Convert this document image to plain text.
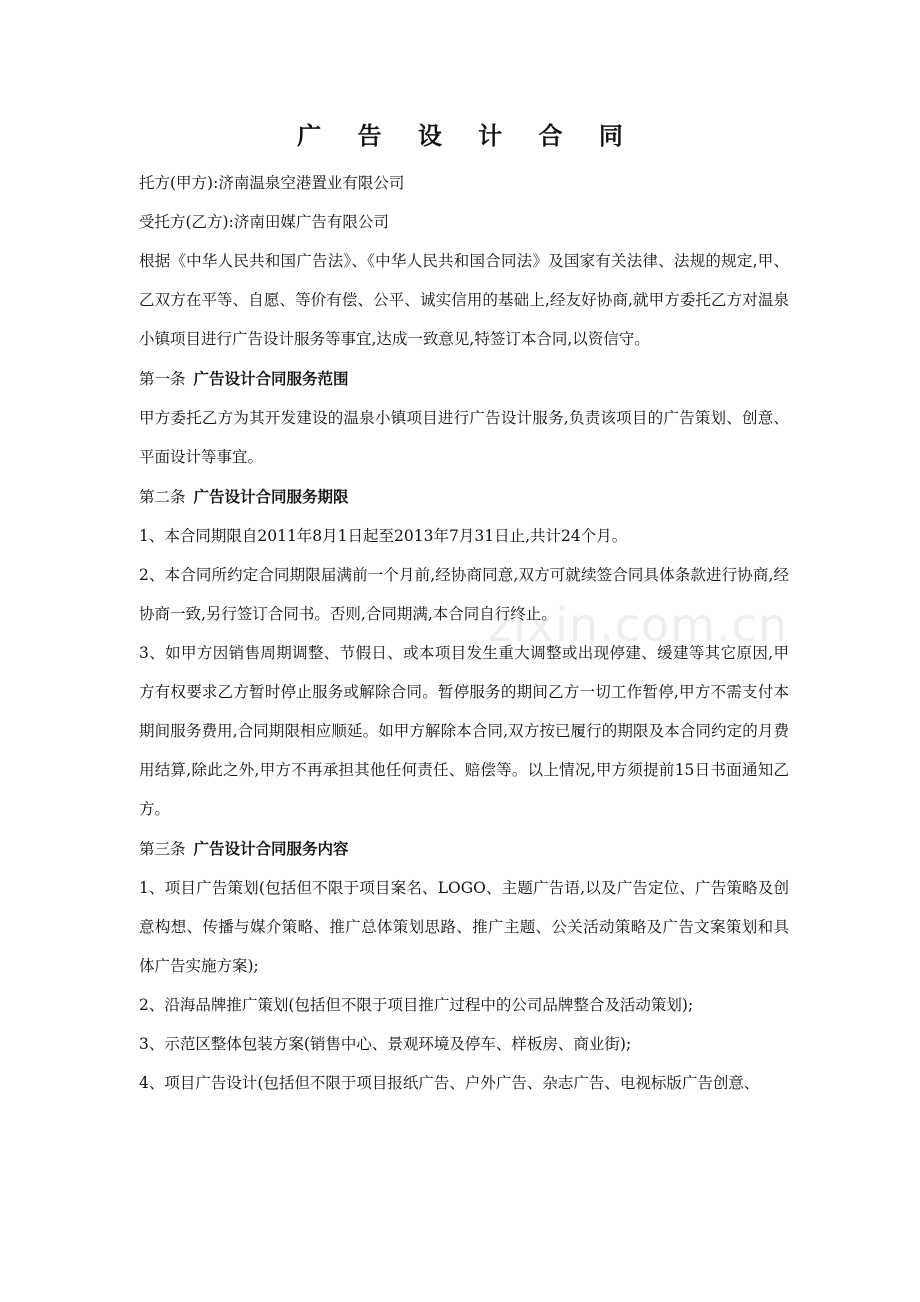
广 告 设 计 合 同

托方(甲方):济南温泉空港置业有限公司

受托方(乙方):济南田媒广告有限公司

根据《中华人民共和国广告法》、《中华人民共和国合同法》及国家有关法律、法规的规定,甲、乙双方在平等、自愿、等价有偿、公平、诚实信用的基础上,经友好协商,就甲方委托乙方对温泉小镇项目进行广告设计服务等事宜,达成一致意见,特签订本合同,以资信守。

第一条 广告设计合同服务范围

甲方委托乙方为其开发建设的温泉小镇项目进行广告设计服务,负责该项目的广告策划、创意、平面设计等事宜。

第二条 广告设计合同服务期限

1、本合同期限自2011年8月1日起至2013年7月31日止,共计24个月。

2、本合同所约定合同期限届满前一个月前,经协商同意,双方可就续签合同具体条款进行协商,经协商一致,另行签订合同书。否则,合同期满,本合同自行终止。

3、如甲方因销售周期调整、节假日、或本项目发生重大调整或出现停建、缓建等其它原因,甲方有权要求乙方暂时停止服务或解除合同。暂停服务的期间乙方一切工作暂停,甲方不需支付本期间服务费用,合同期限相应顺延。如甲方解除本合同,双方按已履行的期限及本合同约定的月费用结算,除此之外,甲方不再承担其他任何责任、赔偿等。以上情况,甲方须提前15日书面通知乙方。

第三条 广告设计合同服务内容

1、项目广告策划(包括但不限于项目案名、LOGO、主题广告语,以及广告定位、广告策略及创意构想、传播与媒介策略、推广总体策划思路、推广主题、公关活动策略及广告文案策划和具体广告实施方案);

2、沿海品牌推广策划(包括但不限于项目推广过程中的公司品牌整合及活动策划);

3、示范区整体包装方案(销售中心、景观环境及停车、样板房、商业街);

4、项目广告设计(包括但不限于项目报纸广告、户外广告、杂志广告、电视标版广告创意、

zixin.com.cn
